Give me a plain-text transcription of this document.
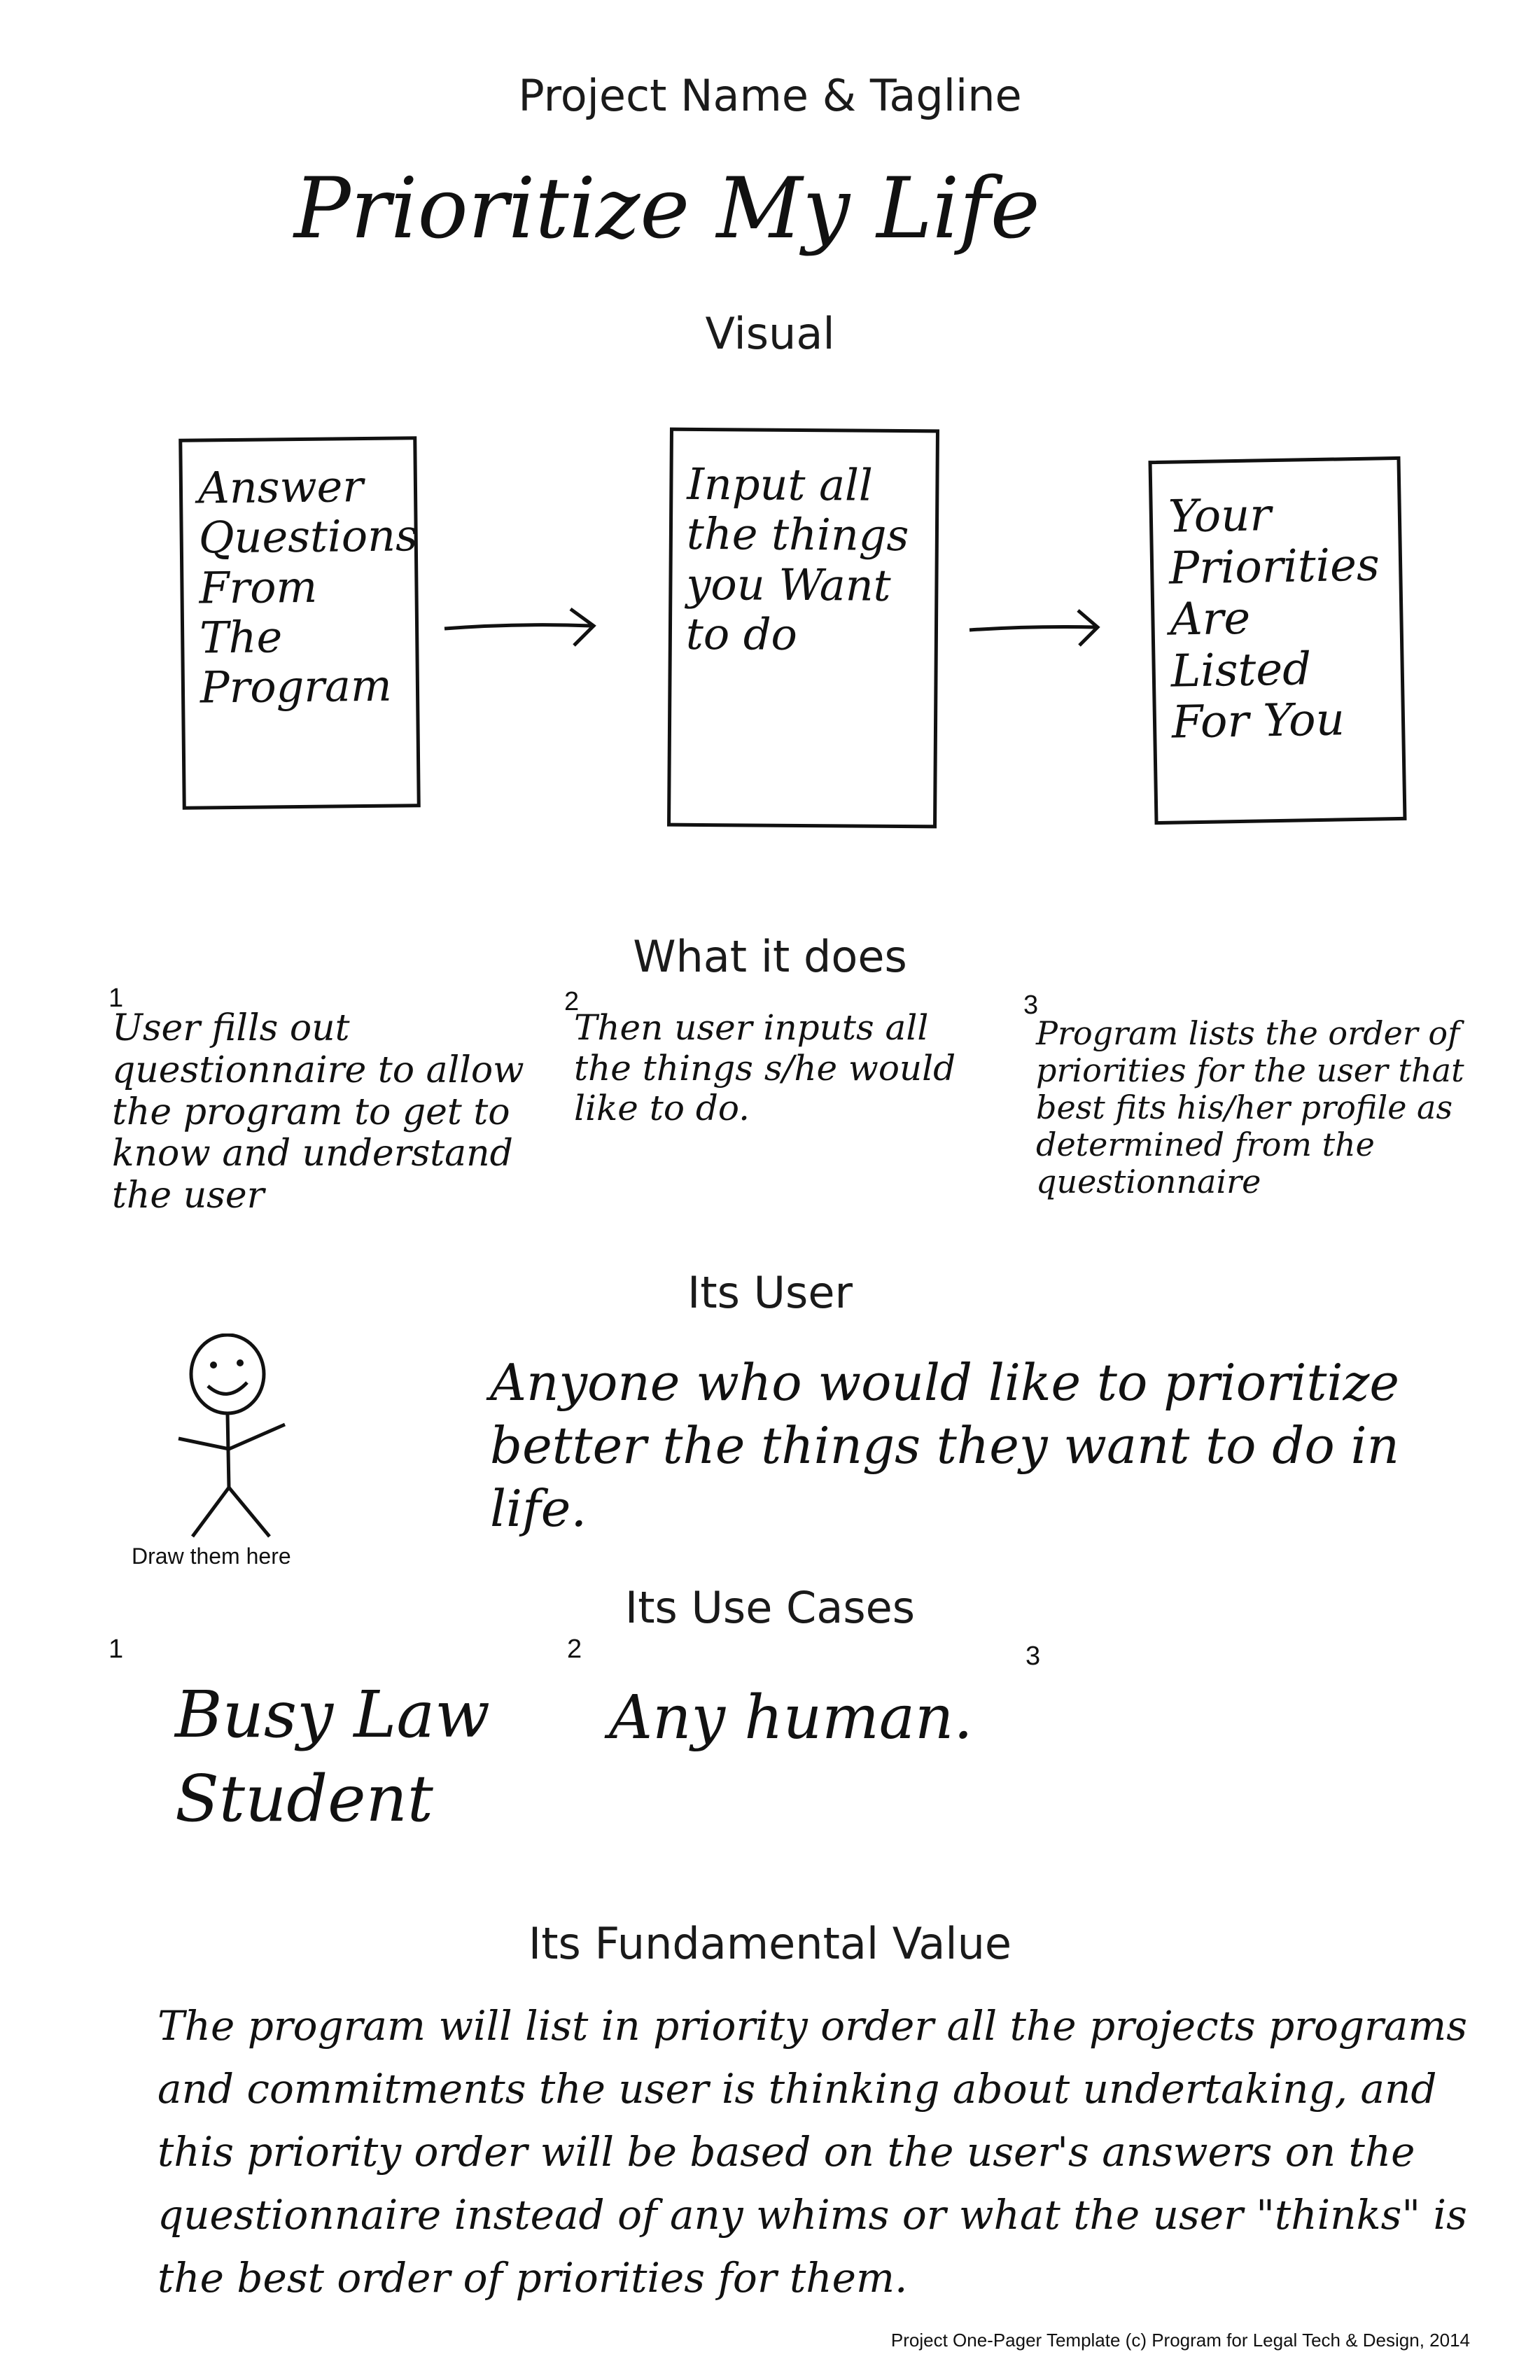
Project Name & Tagline
Prioritize My Life
Visual
Answer Questions From The Program
Input all the things you Want to do
Your Priorities Are Listed For You
What it does
1
User fills out questionnaire to allow the program to get to know and understand the user
2
Then user inputs all the things s/he would like to do.
3
Program lists the order of priorities for the user that best fits his/her profile as determined from the questionnaire
Its User
Draw them here
Anyone who would like to prioritize better the things they want to do in life.
Its Use Cases
1
Busy Law Student
2
Any human.
3
Its Fundamental Value
The program will list in priority order all the projects programs and commitments the user is thinking about undertaking, and this priority order will be based on the user's answers on the questionnaire instead of any whims or what the user "thinks" is the best order of priorities for them.
Project One-Pager Template (c) Program for Legal Tech & Design, 2014
